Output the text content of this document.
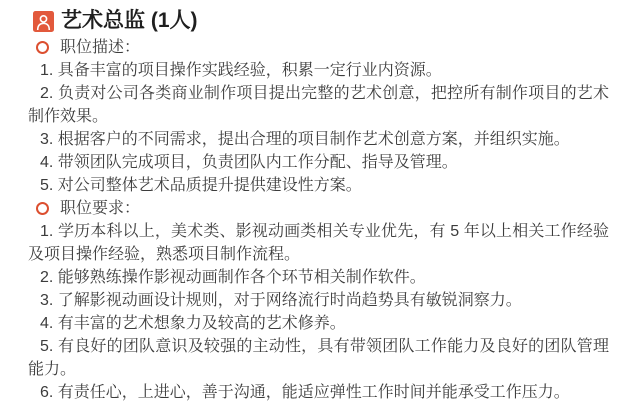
艺术总监 (1人)
职位描述：

1. 具备丰富的项目操作实践经验，积累一定行业内资源。

2. 负责对公司各类商业制作项目提出完整的艺术创意，把控所有制作项目的艺术制作效果。

3. 根据客户的不同需求，提出合理的项目制作艺术创意方案，并组织实施。

4. 带领团队完成项目，负责团队内工作分配、指导及管理。

5. 对公司整体艺术品质提升提供建设性方案。

职位要求：

1. 学历本科以上，美术类、影视动画类相关专业优先，有 5 年以上相关工作经验及项目操作经验，熟悉项目制作流程。

2. 能够熟练操作影视动画制作各个环节相关制作软件。

3. 了解影视动画设计规则，对于网络流行时尚趋势具有敏锐洞察力。

4. 有丰富的艺术想象力及较高的艺术修养。

5. 有良好的团队意识及较强的主动性，具有带领团队工作能力及良好的团队管理能力。

6. 有责任心，上进心，善于沟通，能适应弹性工作时间并能承受工作压力。
